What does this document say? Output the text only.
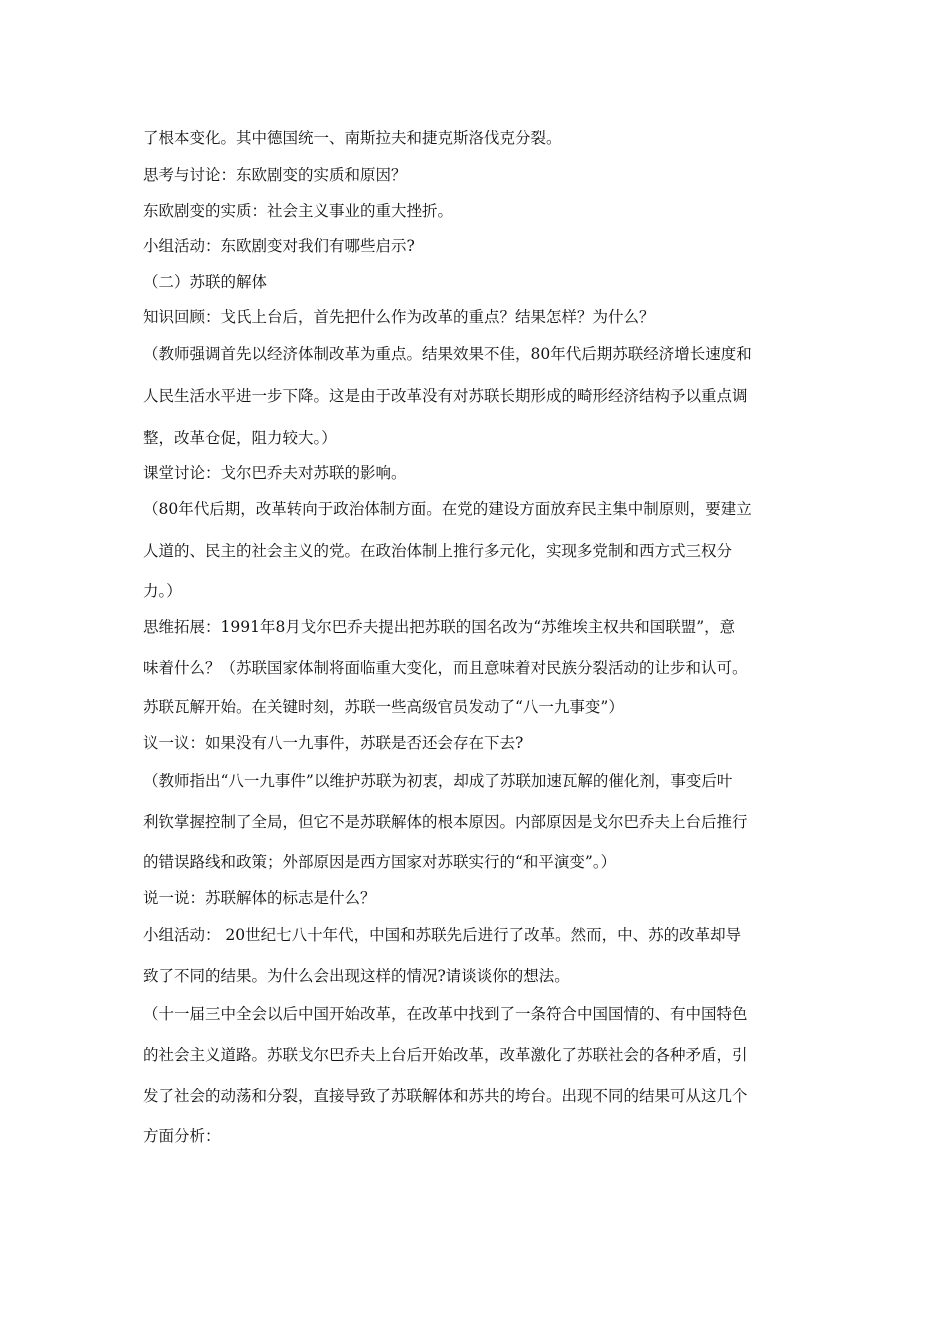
了根本变化。其中德国统一、南斯拉夫和捷克斯洛伐克分裂。
思考与讨论：东欧剧变的实质和原因？
东欧剧变的实质：社会主义事业的重大挫折。
小组活动：东欧剧变对我们有哪些启示?
（二）苏联的解体
知识回顾：戈氏上台后，首先把什么作为改革的重点？结果怎样？为什么？
（教师强调首先以经济体制改革为重点。结果效果不佳，80年代后期苏联经济增长速度和
人民生活水平进一步下降。这是由于改革没有对苏联长期形成的畸形经济结构予以重点调
整，改革仓促，阻力较大。）
课堂讨论：戈尔巴乔夫对苏联的影响。
（80年代后期，改革转向于政治体制方面。在党的建设方面放弃民主集中制原则，要建立
人道的、民主的社会主义的党。在政治体制上推行多元化，实现多党制和西方式三权分
力。）
思维拓展：1991年8月戈尔巴乔夫提出把苏联的国名改为“苏维埃主权共和国联盟”，意
味着什么？（苏联国家体制将面临重大变化，而且意味着对民族分裂活动的让步和认可。
苏联瓦解开始。在关键时刻，苏联一些高级官员发动了“八一九事变”）
议一议：如果没有八一九事件，苏联是否还会存在下去?
（教师指出“八一九事件”以维护苏联为初衷，却成了苏联加速瓦解的催化剂，事变后叶
利钦掌握控制了全局，但它不是苏联解体的根本原因。内部原因是戈尔巴乔夫上台后推行
的错误路线和政策；外部原因是西方国家对苏联实行的“和平演变”。）
说一说：苏联解体的标志是什么？
小组活动： 20世纪七八十年代，中国和苏联先后进行了改革。然而，中、苏的改革却导
致了不同的结果。为什么会出现这样的情况?请谈谈你的想法。
（十一届三中全会以后中国开始改革，在改革中找到了一条符合中国国情的、有中国特色
的社会主义道路。苏联戈尔巴乔夫上台后开始改革，改革激化了苏联社会的各种矛盾，引
发了社会的动荡和分裂，直接导致了苏联解体和苏共的垮台。出现不同的结果可从这几个
方面分析：
